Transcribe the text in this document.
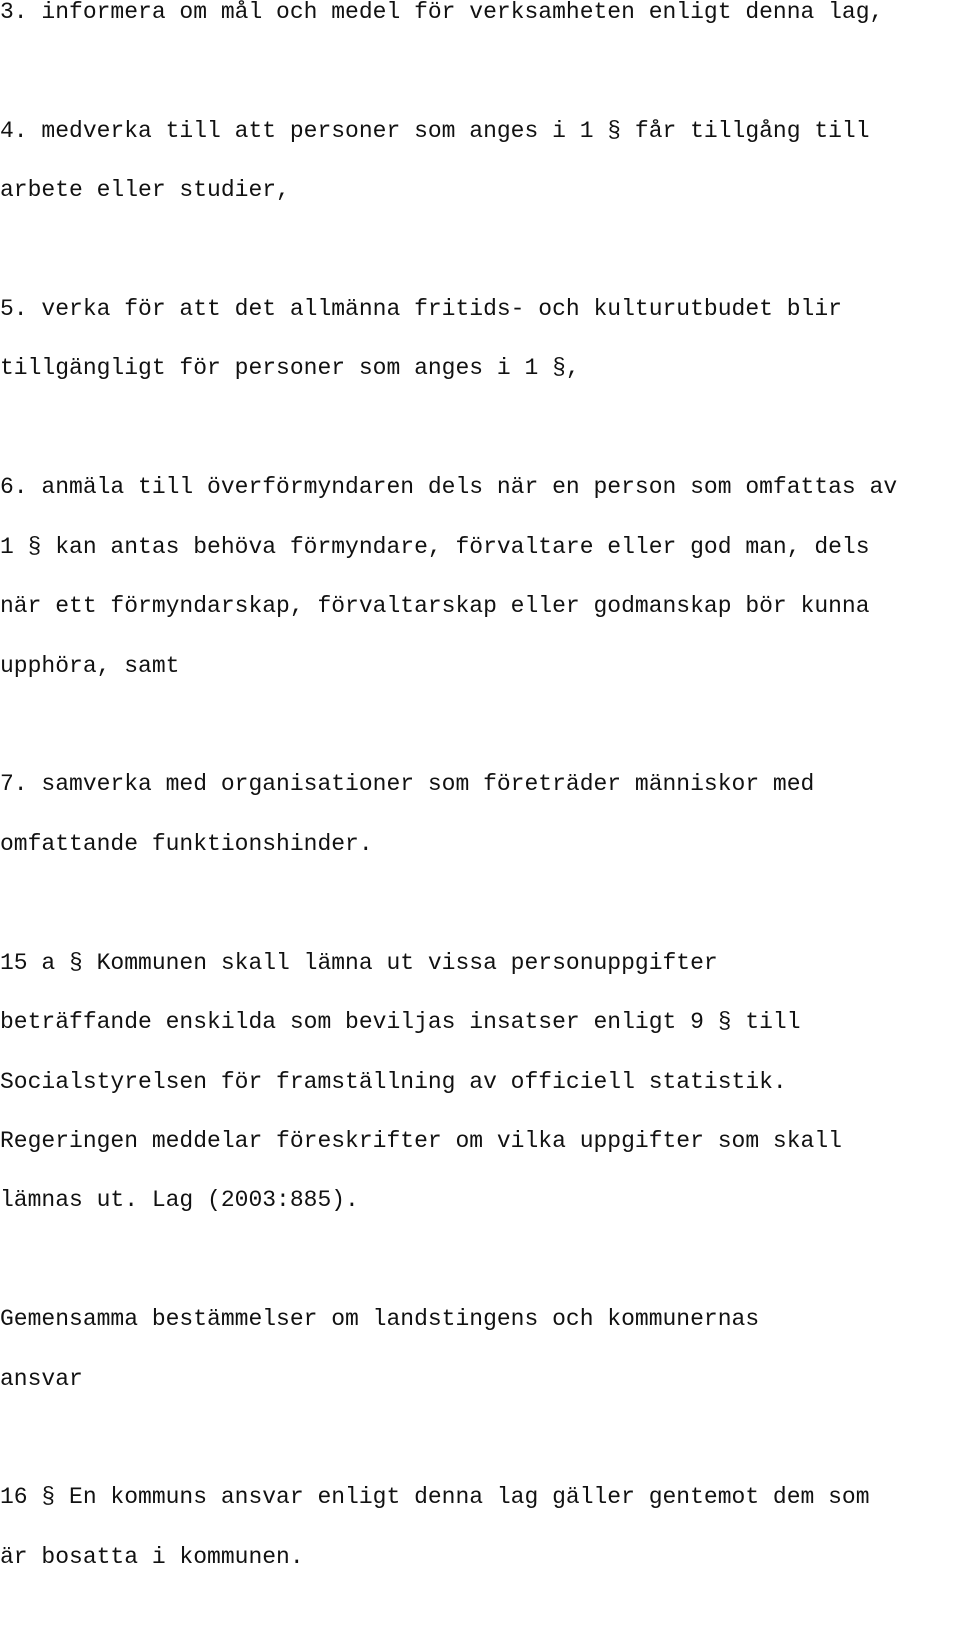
3. informera om mål och medel för verksamheten enligt denna lag,

4. medverka till att personer som anges i 1 § får tillgång till

arbete eller studier,

5. verka för att det allmänna fritids- och kulturutbudet blir

tillgängligt för personer som anges i 1 §,

6. anmäla till överförmyndaren dels när en person som omfattas av

1 § kan antas behöva förmyndare, förvaltare eller god man, dels

när ett förmyndarskap, förvaltarskap eller godmanskap bör kunna

upphöra, samt

7. samverka med organisationer som företräder människor med

omfattande funktionshinder.

15 a § Kommunen skall lämna ut vissa personuppgifter

beträffande enskilda som beviljas insatser enligt 9 § till

Socialstyrelsen för framställning av officiell statistik.

Regeringen meddelar föreskrifter om vilka uppgifter som skall

lämnas ut. Lag (2003:885).

Gemensamma bestämmelser om landstingens och kommunernas

ansvar

16 § En kommuns ansvar enligt denna lag gäller gentemot dem som

är bosatta i kommunen.
